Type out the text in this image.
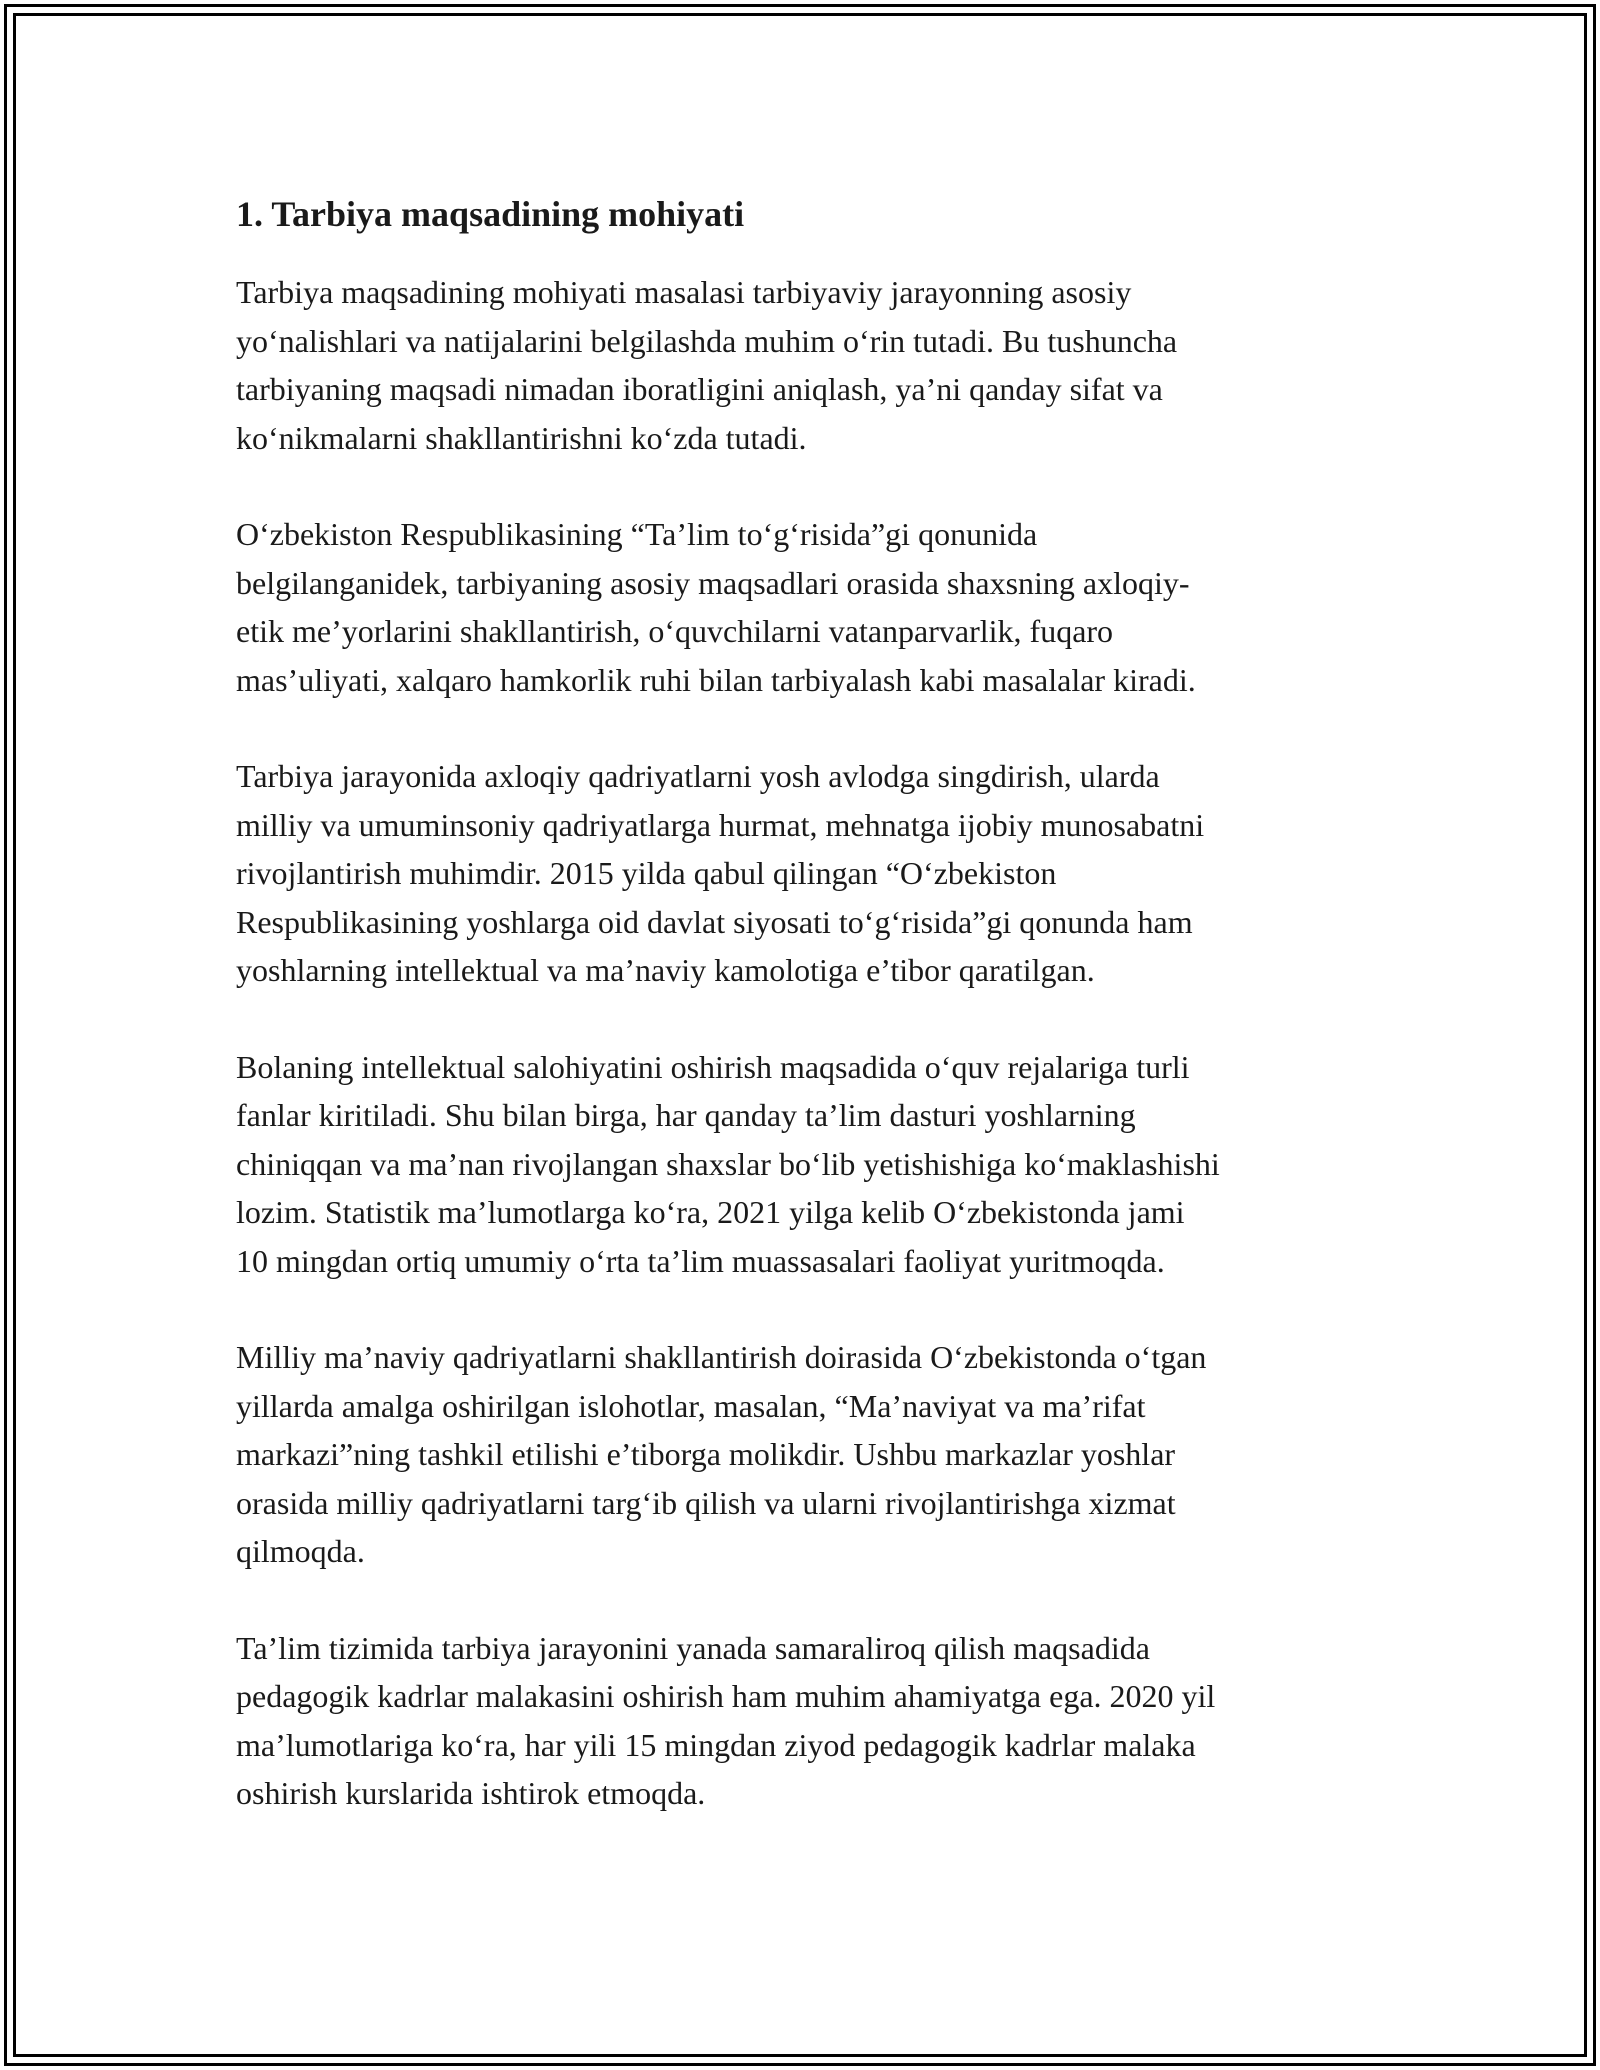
1. Tarbiya maqsadining mohiyati
Tarbiya maqsadining mohiyati masalasi tarbiyaviy jarayonning asosiy
yo‘nalishlari va natijalarini belgilashda muhim o‘rin tutadi. Bu tushuncha
tarbiyaning maqsadi nimadan iboratligini aniqlash, ya’ni qanday sifat va
ko‘nikmalarni shakllantirishni ko‘zda tutadi.
O‘zbekiston Respublikasining “Ta’lim to‘g‘risida”gi qonunida
belgilanganidek, tarbiyaning asosiy maqsadlari orasida shaxsning axloqiy-
etik me’yorlarini shakllantirish, o‘quvchilarni vatanparvarlik, fuqaro
mas’uliyati, xalqaro hamkorlik ruhi bilan tarbiyalash kabi masalalar kiradi.
Tarbiya jarayonida axloqiy qadriyatlarni yosh avlodga singdirish, ularda
milliy va umuminsoniy qadriyatlarga hurmat, mehnatga ijobiy munosabatni
rivojlantirish muhimdir. 2015 yilda qabul qilingan “O‘zbekiston
Respublikasining yoshlarga oid davlat siyosati to‘g‘risida”gi qonunda ham
yoshlarning intellektual va ma’naviy kamolotiga e’tibor qaratilgan.
Bolaning intellektual salohiyatini oshirish maqsadida o‘quv rejalariga turli
fanlar kiritiladi. Shu bilan birga, har qanday ta’lim dasturi yoshlarning
chiniqqan va ma’nan rivojlangan shaxslar bo‘lib yetishishiga ko‘maklashishi
lozim. Statistik ma’lumotlarga ko‘ra, 2021 yilga kelib O‘zbekistonda jami
10 mingdan ortiq umumiy o‘rta ta’lim muassasalari faoliyat yuritmoqda.
Milliy ma’naviy qadriyatlarni shakllantirish doirasida O‘zbekistonda o‘tgan
yillarda amalga oshirilgan islohotlar, masalan, “Ma’naviyat va ma’rifat
markazi”ning tashkil etilishi e’tiborga molikdir. Ushbu markazlar yoshlar
orasida milliy qadriyatlarni targ‘ib qilish va ularni rivojlantirishga xizmat
qilmoqda.
Ta’lim tizimida tarbiya jarayonini yanada samaraliroq qilish maqsadida
pedagogik kadrlar malakasini oshirish ham muhim ahamiyatga ega. 2020 yil
ma’lumotlariga ko‘ra, har yili 15 mingdan ziyod pedagogik kadrlar malaka
oshirish kurslarida ishtirok etmoqda.
